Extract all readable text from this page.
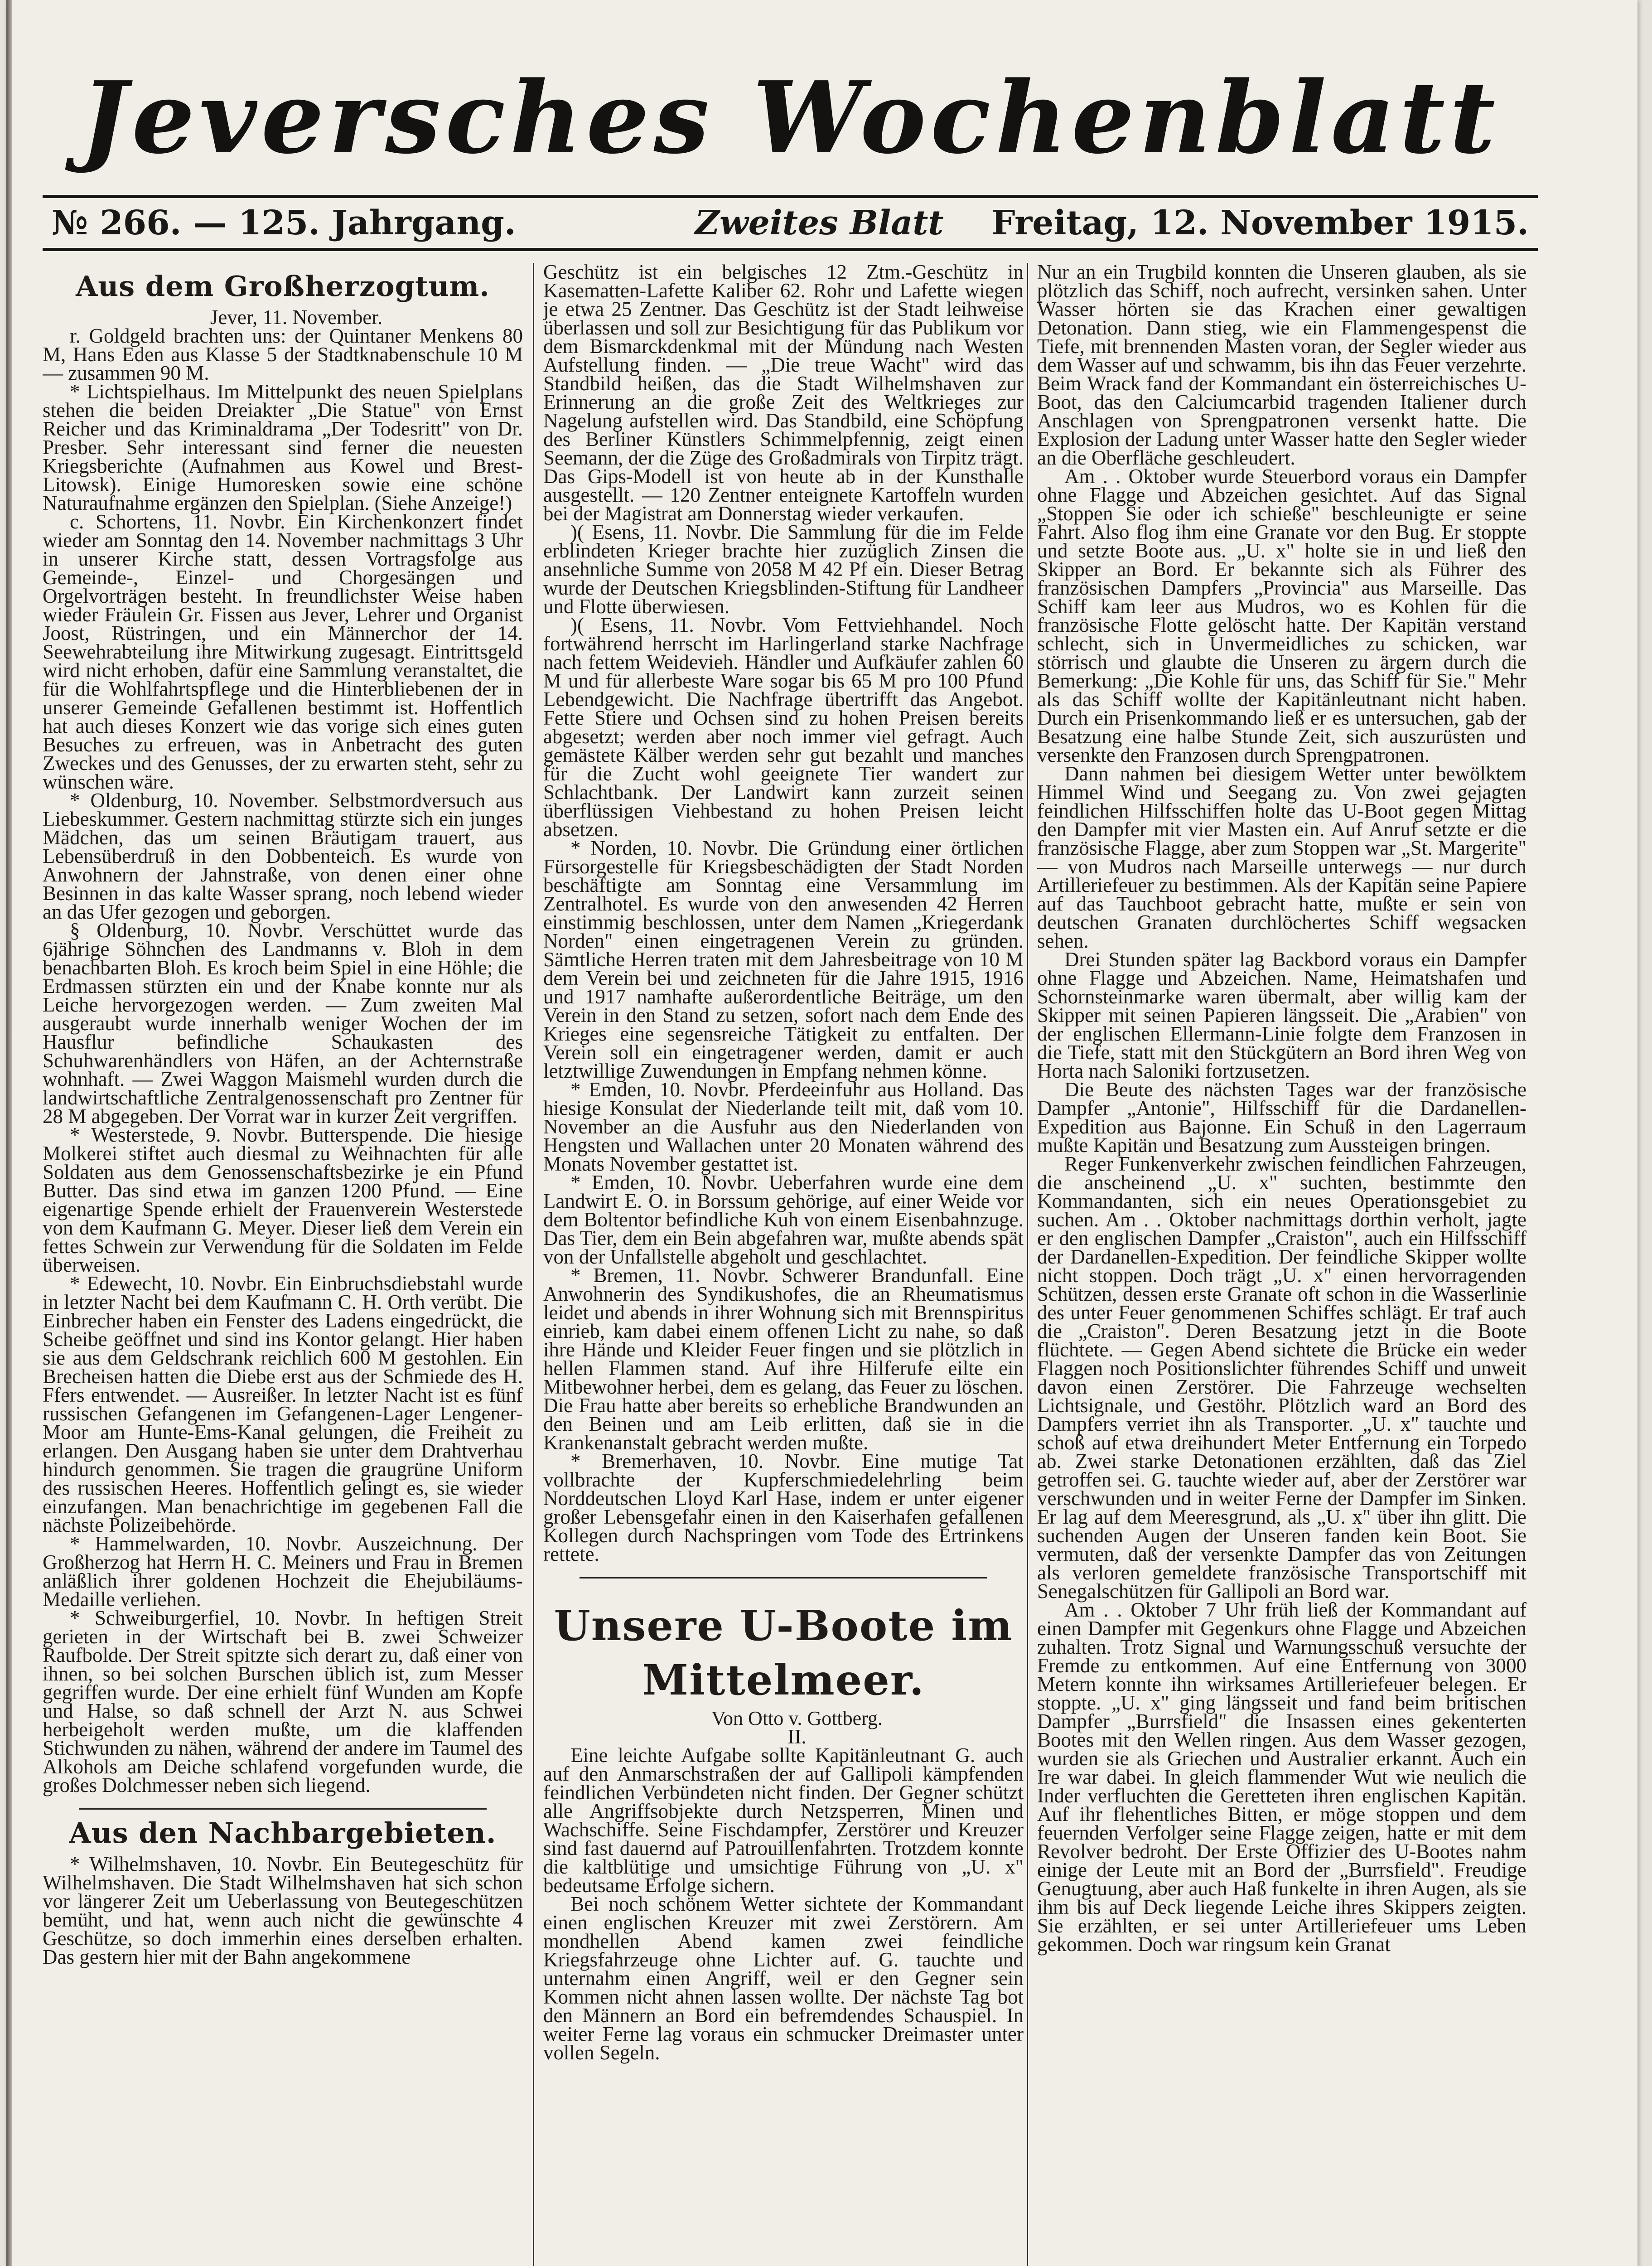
Jeversches Wochenblatt
№ 266. — 125. Jahrgang.	Zweites Blatt Freitag, 12. November 1915.
Aus dem Großherzogtum.

Jever, 11. November.

r. Goldgeld brachten uns: der Quintaner Menkens 80 M, Hans Eden aus Klasse 5 der Stadtknabenschule 10 M — zusammen 90 M.

* Lichtspielhaus. Im Mittelpunkt des neuen Spielplans stehen die beiden Dreiakter „Die Statue" von Ernst Reicher und das Kriminaldrama „Der Todesritt" von Dr. Presber. Sehr interessant sind ferner die neuesten Kriegsberichte (Aufnahmen aus Kowel und Brest-Litowsk). Einige Humoresken sowie eine schöne Naturaufnahme ergänzen den Spielplan. (Siehe Anzeige!)

c. Schortens, 11. Novbr. Ein Kirchenkonzert findet wieder am Sonntag den 14. November nachmittags 3 Uhr in unserer Kirche statt, dessen Vortragsfolge aus Gemeinde-, Einzel- und Chorgesängen und Orgelvorträgen besteht. In freundlichster Weise haben wieder Fräulein Gr. Fissen aus Jever, Lehrer und Organist Joost, Rüstringen, und ein Männerchor der 14. Seewehrabteilung ihre Mitwirkung zugesagt. Eintrittsgeld wird nicht erhoben, dafür eine Sammlung veranstaltet, die für die Wohlfahrtspflege und die Hinterbliebenen der in unserer Gemeinde Gefallenen bestimmt ist. Hoffentlich hat auch dieses Konzert wie das vorige sich eines guten Besuches zu erfreuen, was in Anbetracht des guten Zweckes und des Genusses, der zu erwarten steht, sehr zu wünschen wäre.

* Oldenburg, 10. November. Selbstmordversuch aus Liebeskummer. Gestern nachmittag stürzte sich ein junges Mädchen, das um seinen Bräutigam trauert, aus Lebensüberdruß in den Dobbenteich. Es wurde von Anwohnern der Jahnstraße, von denen einer ohne Besinnen in das kalte Wasser sprang, noch lebend wieder an das Ufer gezogen und geborgen.

§ Oldenburg, 10. Novbr. Verschüttet wurde das 6jährige Söhnchen des Landmanns v. Bloh in dem benachbarten Bloh. Es kroch beim Spiel in eine Höhle; die Erdmassen stürzten ein und der Knabe konnte nur als Leiche hervorgezogen werden. — Zum zweiten Mal ausgeraubt wurde innerhalb weniger Wochen der im Hausflur befindliche Schaukasten des Schuhwarenhändlers von Häfen, an der Achternstraße wohnhaft. — Zwei Waggon Maismehl wurden durch die landwirtschaftliche Zentralgenossenschaft pro Zentner für 28 M abgegeben. Der Vorrat war in kurzer Zeit vergriffen.

* Westerstede, 9. Novbr. Butterspende. Die hiesige Molkerei stiftet auch diesmal zu Weihnachten für alle Soldaten aus dem Genossenschaftsbezirke je ein Pfund Butter. Das sind etwa im ganzen 1200 Pfund. — Eine eigenartige Spende erhielt der Frauenverein Westerstede von dem Kaufmann G. Meyer. Dieser ließ dem Verein ein fettes Schwein zur Verwendung für die Soldaten im Felde überweisen.

* Edewecht, 10. Novbr. Ein Einbruchsdiebstahl wurde in letzter Nacht bei dem Kaufmann C. H. Orth verübt. Die Einbrecher haben ein Fenster des Ladens eingedrückt, die Scheibe geöffnet und sind ins Kontor gelangt. Hier haben sie aus dem Geldschrank reichlich 600 M gestohlen. Ein Brecheisen hatten die Diebe erst aus der Schmiede des H. Ffers entwendet. — Ausreißer. In letzter Nacht ist es fünf russischen Gefangenen im Gefangenen-Lager Lengener-Moor am Hunte-Ems-Kanal gelungen, die Freiheit zu erlangen. Den Ausgang haben sie unter dem Drahtverhau hindurch genommen. Sie tragen die graugrüne Uniform des russischen Heeres. Hoffentlich gelingt es, sie wieder einzufangen. Man benachrichtige im gegebenen Fall die nächste Polizeibehörde.

* Hammelwarden, 10. Novbr. Auszeichnung. Der Großherzog hat Herrn H. C. Meiners und Frau in Bremen anläßlich ihrer goldenen Hochzeit die Ehejubiläums-Medaille verliehen.

* Schweiburgerfiel, 10. Novbr. In heftigen Streit gerieten in der Wirtschaft bei B. zwei Schweizer Raufbolde. Der Streit spitzte sich derart zu, daß einer von ihnen, so bei solchen Burschen üblich ist, zum Messer gegriffen wurde. Der eine erhielt fünf Wunden am Kopfe und Halse, so daß schnell der Arzt N. aus Schwei herbeigeholt werden mußte, um die klaffenden Stichwunden zu nähen, während der andere im Taumel des Alkohols am Deiche schlafend vorgefunden wurde, die großes Dolchmesser neben sich liegend.

Aus den Nachbargebieten.

* Wilhelmshaven, 10. Novbr. Ein Beutegeschütz für Wilhelmshaven. Die Stadt Wilhelmshaven hat sich schon vor längerer Zeit um Ueberlassung von Beutegeschützen bemüht, und hat, wenn auch nicht die gewünschte 4 Geschütze, so doch immerhin eines derselben erhalten. Das gestern hier mit der Bahn angekommene

Geschütz ist ein belgisches 12 Ztm.-Geschütz in Kasematten-Lafette Kaliber 62. Rohr und Lafette wiegen je etwa 25 Zentner. Das Geschütz ist der Stadt leihweise überlassen und soll zur Besichtigung für das Publikum vor dem Bismarckdenkmal mit der Mündung nach Westen Aufstellung finden. — „Die treue Wacht" wird das Standbild heißen, das die Stadt Wilhelmshaven zur Erinnerung an die große Zeit des Weltkrieges zur Nagelung aufstellen wird. Das Standbild, eine Schöpfung des Berliner Künstlers Schimmelpfennig, zeigt einen Seemann, der die Züge des Großadmirals von Tirpitz trägt. Das Gips-Modell ist von heute ab in der Kunsthalle ausgestellt. — 120 Zentner enteignete Kartoffeln wurden bei der Magistrat am Donnerstag wieder verkaufen.

)( Esens, 11. Novbr. Die Sammlung für die im Felde erblindeten Krieger brachte hier zuzüglich Zinsen die ansehnliche Summe von 2058 M 42 Pf ein. Dieser Betrag wurde der Deutschen Kriegsblinden-Stiftung für Landheer und Flotte überwiesen.

)( Esens, 11. Novbr. Vom Fettviehhandel. Noch fortwährend herrscht im Harlingerland starke Nachfrage nach fettem Weidevieh. Händler und Aufkäufer zahlen 60 M und für allerbeste Ware sogar bis 65 M pro 100 Pfund Lebendgewicht. Die Nachfrage übertrifft das Angebot. Fette Stiere und Ochsen sind zu hohen Preisen bereits abgesetzt; werden aber noch immer viel gefragt. Auch gemästete Kälber werden sehr gut bezahlt und manches für die Zucht wohl geeignete Tier wandert zur Schlachtbank. Der Landwirt kann zurzeit seinen überflüssigen Viehbestand zu hohen Preisen leicht absetzen.

* Norden, 10. Novbr. Die Gründung einer örtlichen Fürsorgestelle für Kriegsbeschädigten der Stadt Norden beschäftigte am Sonntag eine Versammlung im Zentralhotel. Es wurde von den anwesenden 42 Herren einstimmig beschlossen, unter dem Namen „Kriegerdank Norden" einen eingetragenen Verein zu gründen. Sämtliche Herren traten mit dem Jahresbeitrage von 10 M dem Verein bei und zeichneten für die Jahre 1915, 1916 und 1917 namhafte außerordentliche Beiträge, um den Verein in den Stand zu setzen, sofort nach dem Ende des Krieges eine segensreiche Tätigkeit zu entfalten. Der Verein soll ein eingetragener werden, damit er auch letztwillige Zuwendungen in Empfang nehmen könne.

* Emden, 10. Novbr. Pferdeeinfuhr aus Holland. Das hiesige Konsulat der Niederlande teilt mit, daß vom 10. November an die Ausfuhr aus den Niederlanden von Hengsten und Wallachen unter 20 Monaten während des Monats November gestattet ist.

* Emden, 10. Novbr. Ueberfahren wurde eine dem Landwirt E. O. in Borssum gehörige, auf einer Weide vor dem Boltentor befindliche Kuh von einem Eisenbahnzuge. Das Tier, dem ein Bein abgefahren war, mußte abends spät von der Unfallstelle abgeholt und geschlachtet.

* Bremen, 11. Novbr. Schwerer Brandunfall. Eine Anwohnerin des Syndikushofes, die an Rheumatismus leidet und abends in ihrer Wohnung sich mit Brennspiritus einrieb, kam dabei einem offenen Licht zu nahe, so daß ihre Hände und Kleider Feuer fingen und sie plötzlich in hellen Flammen stand. Auf ihre Hilferufe eilte ein Mitbewohner herbei, dem es gelang, das Feuer zu löschen. Die Frau hatte aber bereits so erhebliche Brandwunden an den Beinen und am Leib erlitten, daß sie in die Krankenanstalt gebracht werden mußte.

* Bremerhaven, 10. Novbr. Eine mutige Tat vollbrachte der Kupferschmiedelehrling beim Norddeutschen Lloyd Karl Hase, indem er unter eigener großer Lebensgefahr einen in den Kaiserhafen gefallenen Kollegen durch Nachspringen vom Tode des Ertrinkens rettete.

Unsere U-Boote im Mittelmeer.

Von Otto v. Gottberg.

II.

Eine leichte Aufgabe sollte Kapitänleutnant G. auch auf den Anmarschstraßen der auf Gallipoli kämpfenden feindlichen Verbündeten nicht finden. Der Gegner schützt alle Angriffsobjekte durch Netzsperren, Minen und Wachschiffe. Seine Fischdampfer, Zerstörer und Kreuzer sind fast dauernd auf Patrouillenfahrten. Trotzdem konnte die kaltblütige und umsichtige Führung von „U. x" bedeutsame Erfolge sichern.

Bei noch schönem Wetter sichtete der Kommandant einen englischen Kreuzer mit zwei Zerstörern. Am mondhellen Abend kamen zwei feindliche Kriegsfahrzeuge ohne Lichter auf. G. tauchte und unternahm einen Angriff, weil er den Gegner sein Kommen nicht ahnen lassen wollte. Der nächste Tag bot den Männern an Bord ein befremdendes Schauspiel. In weiter Ferne lag voraus ein schmucker Dreimaster unter vollen Segeln.

Nur an ein Trugbild konnten die Unseren glauben, als sie plötzlich das Schiff, noch aufrecht, versinken sahen. Unter Wasser hörten sie das Krachen einer gewaltigen Detonation. Dann stieg, wie ein Flammengespenst die Tiefe, mit brennenden Masten voran, der Segler wieder aus dem Wasser auf und schwamm, bis ihn das Feuer verzehrte. Beim Wrack fand der Kommandant ein österreichisches U-Boot, das den Calciumcarbid tragenden Italiener durch Anschlagen von Sprengpatronen versenkt hatte. Die Explosion der Ladung unter Wasser hatte den Segler wieder an die Oberfläche geschleudert.

Am . . Oktober wurde Steuerbord voraus ein Dampfer ohne Flagge und Abzeichen gesichtet. Auf das Signal „Stoppen Sie oder ich schieße" beschleunigte er seine Fahrt. Also flog ihm eine Granate vor den Bug. Er stoppte und setzte Boote aus. „U. x" holte sie in und ließ den Skipper an Bord. Er bekannte sich als Führer des französischen Dampfers „Provincia" aus Marseille. Das Schiff kam leer aus Mudros, wo es Kohlen für die französische Flotte gelöscht hatte. Der Kapitän verstand schlecht, sich in Unvermeidliches zu schicken, war störrisch und glaubte die Unseren zu ärgern durch die Bemerkung: „Die Kohle für uns, das Schiff für Sie." Mehr als das Schiff wollte der Kapitänleutnant nicht haben. Durch ein Prisenkommando ließ er es untersuchen, gab der Besatzung eine halbe Stunde Zeit, sich auszurüsten und versenkte den Franzosen durch Sprengpatronen.

Dann nahmen bei diesigem Wetter unter bewölktem Himmel Wind und Seegang zu. Von zwei gejagten feindlichen Hilfsschiffen holte das U-Boot gegen Mittag den Dampfer mit vier Masten ein. Auf Anruf setzte er die französische Flagge, aber zum Stoppen war „St. Margerite" — von Mudros nach Marseille unterwegs — nur durch Artilleriefeuer zu bestimmen. Als der Kapitän seine Papiere auf das Tauchboot gebracht hatte, mußte er sein von deutschen Granaten durchlöchertes Schiff wegsacken sehen.

Drei Stunden später lag Backbord voraus ein Dampfer ohne Flagge und Abzeichen. Name, Heimatshafen und Schornsteinmarke waren übermalt, aber willig kam der Skipper mit seinen Papieren längsseit. Die „Arabien" von der englischen Ellermann-Linie folgte dem Franzosen in die Tiefe, statt mit den Stückgütern an Bord ihren Weg von Horta nach Saloniki fortzusetzen.

Die Beute des nächsten Tages war der französische Dampfer „Antonie", Hilfsschiff für die Dardanellen-Expedition aus Bajonne. Ein Schuß in den Lagerraum mußte Kapitän und Besatzung zum Aussteigen bringen.

Reger Funkenverkehr zwischen feindlichen Fahrzeugen, die anscheinend „U. x" suchten, bestimmte den Kommandanten, sich ein neues Operationsgebiet zu suchen. Am . . Oktober nachmittags dorthin verholt, jagte er den englischen Dampfer „Craiston", auch ein Hilfsschiff der Dardanellen-Expedition. Der feindliche Skipper wollte nicht stoppen. Doch trägt „U. x" einen hervorragenden Schützen, dessen erste Granate oft schon in die Wasserlinie des unter Feuer genommenen Schiffes schlägt. Er traf auch die „Craiston". Deren Besatzung jetzt in die Boote flüchtete. — Gegen Abend sichtete die Brücke ein weder Flaggen noch Positionslichter führendes Schiff und unweit davon einen Zerstörer. Die Fahrzeuge wechselten Lichtsignale, und Gestöhr. Plötzlich ward an Bord des Dampfers verriet ihn als Transporter. „U. x" tauchte und schoß auf etwa dreihundert Meter Entfernung ein Torpedo ab. Zwei starke Detonationen erzählten, daß das Ziel getroffen sei. G. tauchte wieder auf, aber der Zerstörer war verschwunden und in weiter Ferne der Dampfer im Sinken. Er lag auf dem Meeresgrund, als „U. x" über ihn glitt. Die suchenden Augen der Unseren fanden kein Boot. Sie vermuten, daß der versenkte Dampfer das von Zeitungen als verloren gemeldete französische Transportschiff mit Senegalschützen für Gallipoli an Bord war.

Am . . Oktober 7 Uhr früh ließ der Kommandant auf einen Dampfer mit Gegenkurs ohne Flagge und Abzeichen zuhalten. Trotz Signal und Warnungsschuß versuchte der Fremde zu entkommen. Auf eine Entfernung von 3000 Metern konnte ihn wirksames Artilleriefeuer belegen. Er stoppte. „U. x" ging längsseit und fand beim britischen Dampfer „Burrsfield" die Insassen eines gekenterten Bootes mit den Wellen ringen. Aus dem Wasser gezogen, wurden sie als Griechen und Australier erkannt. Auch ein Ire war dabei. In gleich flammender Wut wie neulich die Inder verfluchten die Geretteten ihren englischen Kapitän. Auf ihr flehentliches Bitten, er möge stoppen und dem feuernden Verfolger seine Flagge zeigen, hatte er mit dem Revolver bedroht. Der Erste Offizier des U-Bootes nahm einige der Leute mit an Bord der „Burrsfield". Freudige Genugtuung, aber auch Haß funkelte in ihren Augen, als sie ihm bis auf Deck liegende Leiche ihres Skippers zeigten. Sie erzählten, er sei unter Artilleriefeuer ums Leben gekommen. Doch war ringsum kein Granat
